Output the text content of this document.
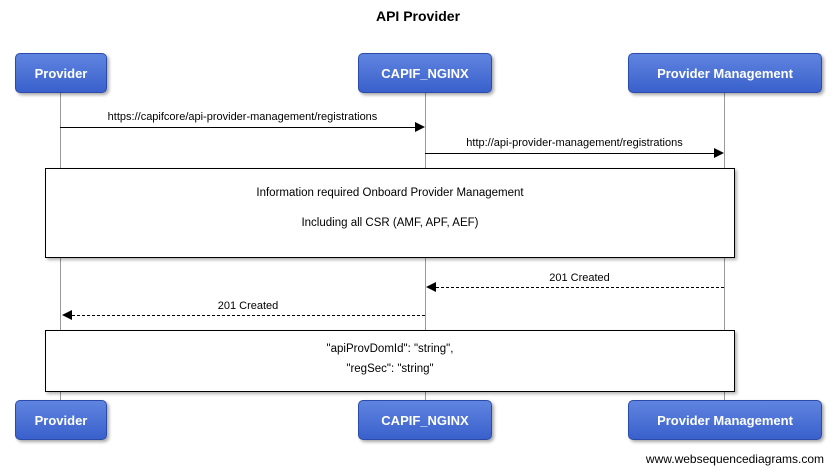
API Provider
Provider	CAPIF_NGINX	Provider Management
https://capifcore/api-provider-management/registrations
http://api-provider-management/registrations
Information required Onboard Provider Management
Including all CSR (AMF, APF, AEF)
201 Created
201 Created
"apiProvDomId": "string",
"regSec": "string"
Provider	CAPIF_NGINX	Provider Management
www.websequencediagrams.com
